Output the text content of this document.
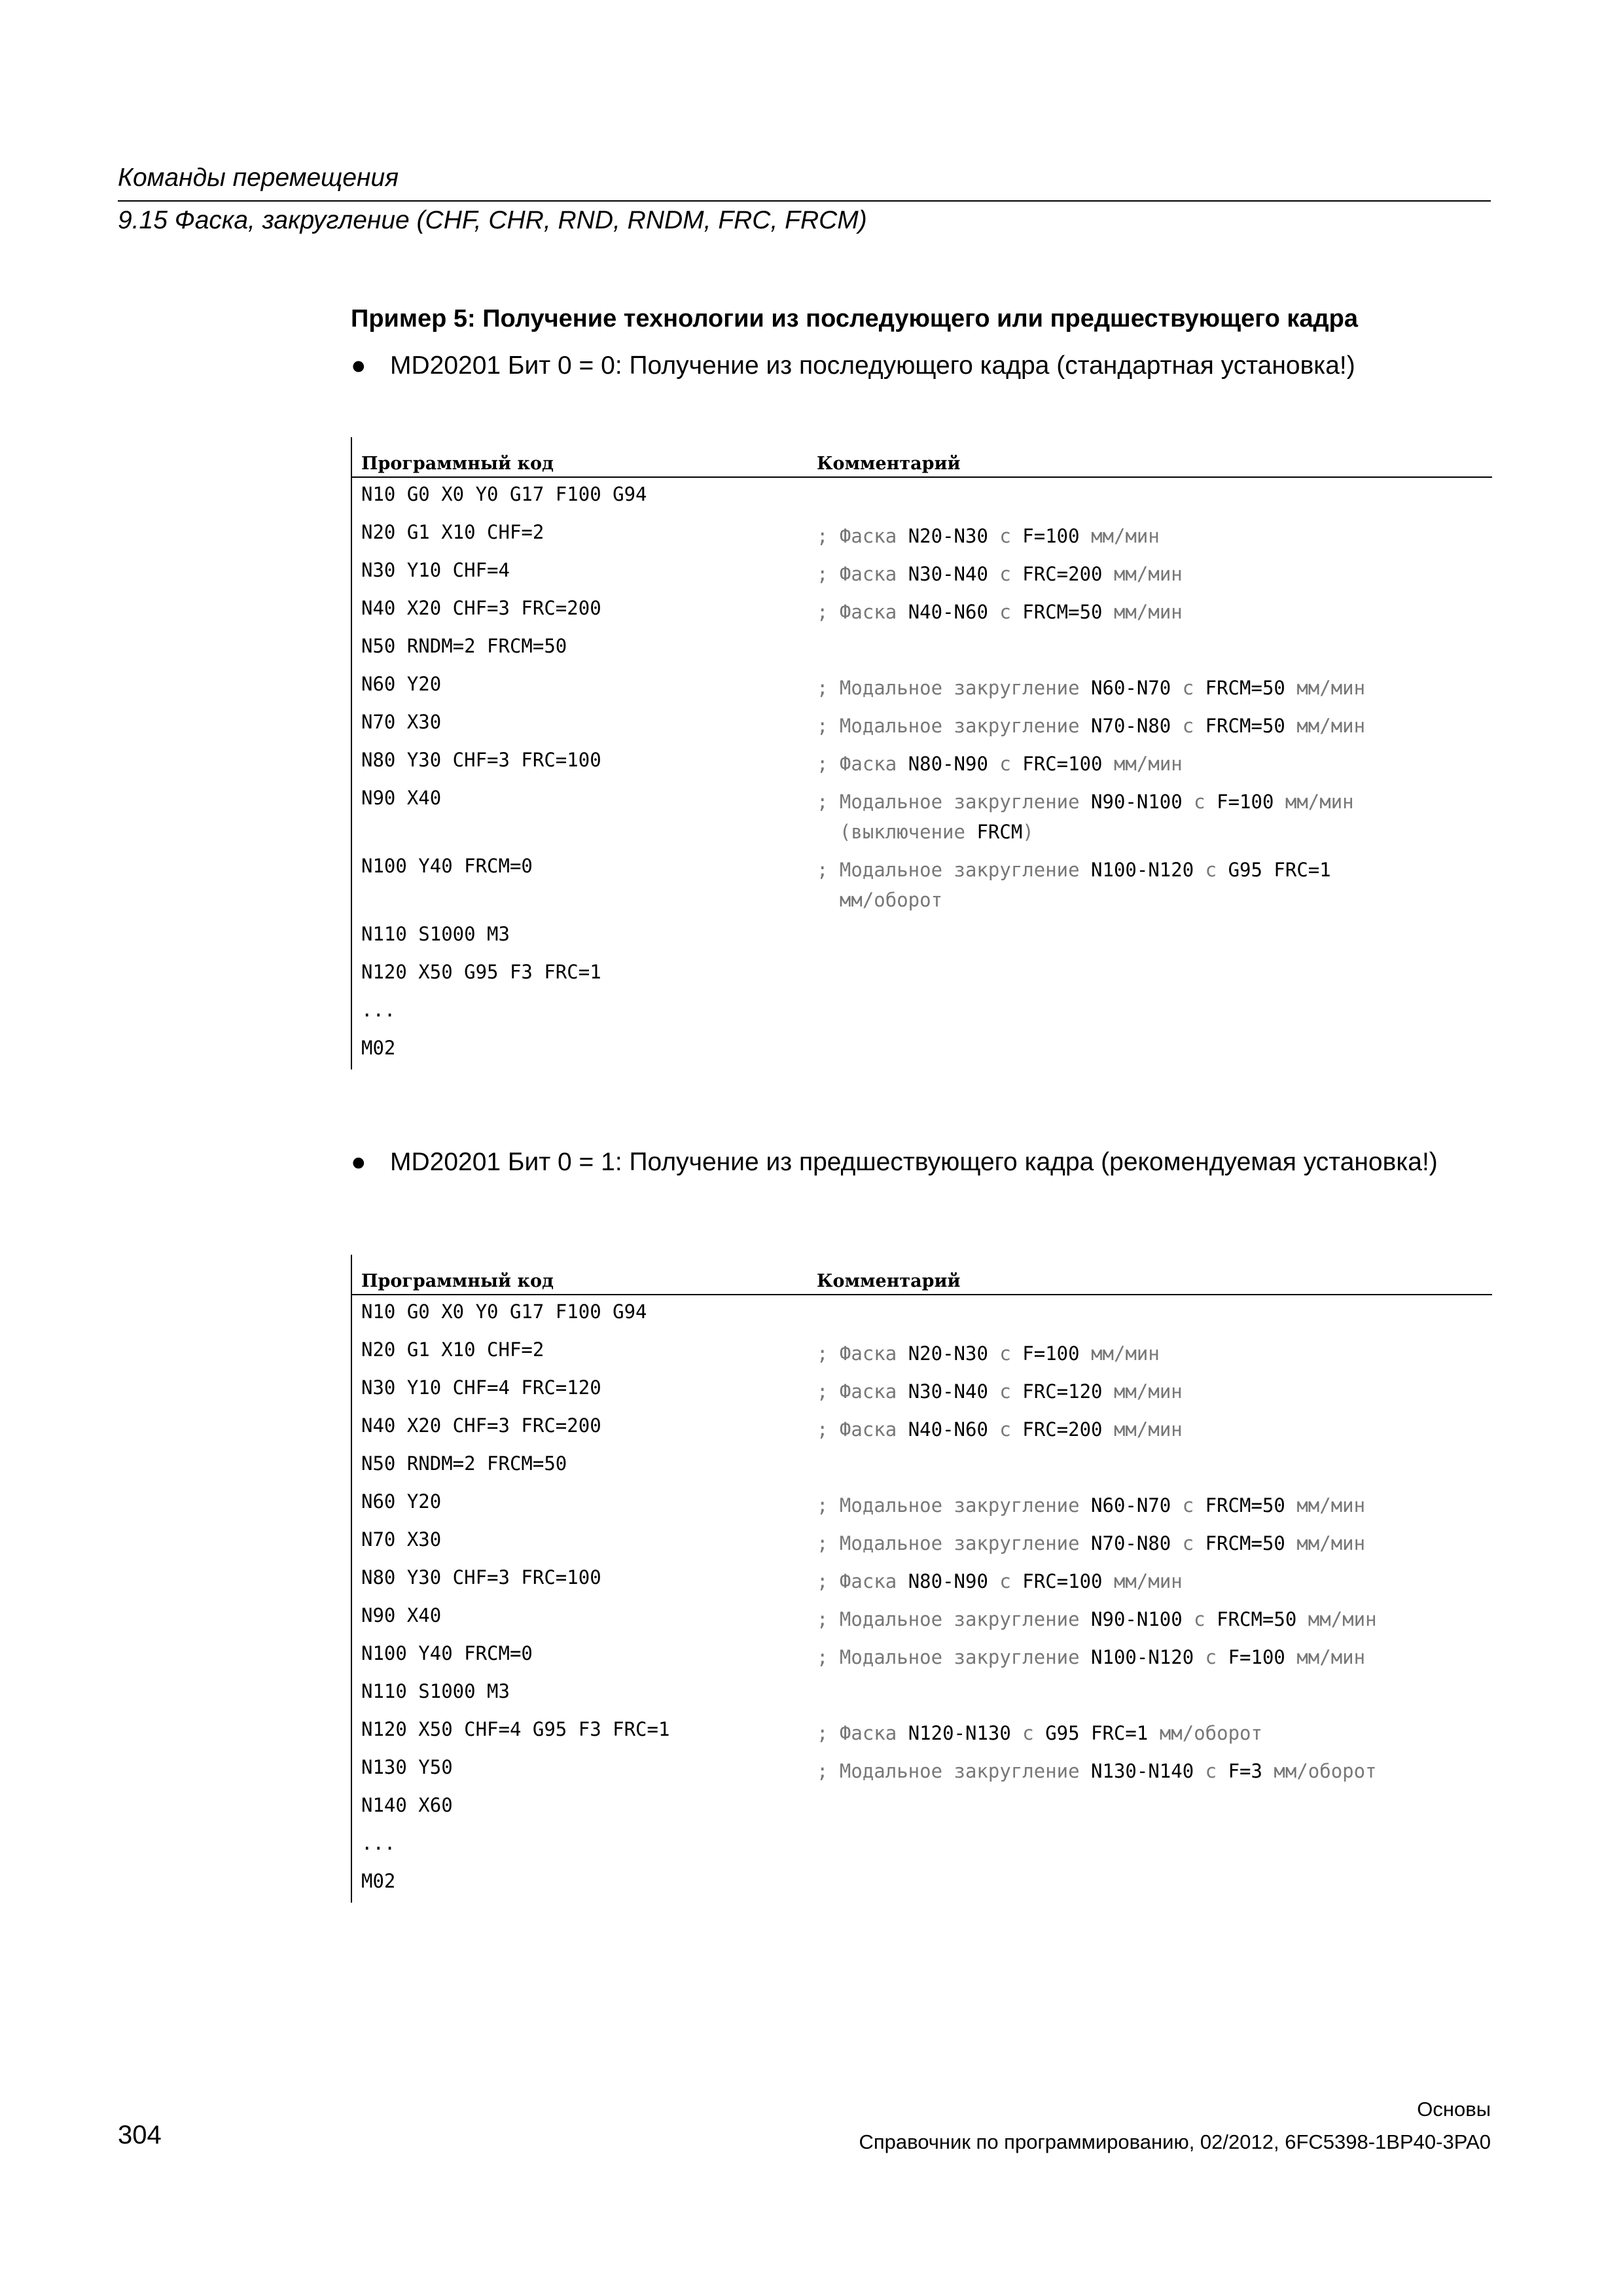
Команды перемещения
9.15 Фаска, закругление (CHF, CHR, RND, RNDM, FRC, FRCM)
Пример 5: Получение технологии из последующего или предшествующего кадра
● MD20201 Бит 0 = 0: Получение из последующего кадра (стандартная установка!)
Программный код	Комментарий
N10 G0 X0 Y0 G17 F100 G94
N20 G1 X10 CHF=2	; Фаска N20-N30 с F=100 мм/мин
N30 Y10 CHF=4	; Фаска N30-N40 с FRC=200 мм/мин
N40 X20 CHF=3 FRC=200	; Фаска N40-N60 с FRCM=50 мм/мин
N50 RNDM=2 FRCM=50
N60 Y20	; Модальное закругление N60-N70 с FRCM=50 мм/мин
N70 X30	; Модальное закругление N70-N80 с FRCM=50 мм/мин
N80 Y30 CHF=3 FRC=100	; Фаска N80-N90 с FRC=100 мм/мин
N90 X40	; Модальное закругление N90-N100 с F=100 мм/мин
(выключение FRCM)
N100 Y40 FRCM=0	; Модальное закругление N100-N120 с G95 FRC=1
мм/оборот
N110 S1000 M3
N120 X50 G95 F3 FRC=1
...
M02
● MD20201 Бит 0 = 1: Получение из предшествующего кадра (рекомендуемая установка!)
Программный код	Комментарий
N10 G0 X0 Y0 G17 F100 G94
N20 G1 X10 CHF=2	; Фаска N20-N30 с F=100 мм/мин
N30 Y10 CHF=4 FRC=120	; Фаска N30-N40 с FRC=120 мм/мин
N40 X20 CHF=3 FRC=200	; Фаска N40-N60 с FRC=200 мм/мин
N50 RNDM=2 FRCM=50
N60 Y20	; Модальное закругление N60-N70 с FRCM=50 мм/мин
N70 X30	; Модальное закругление N70-N80 с FRCM=50 мм/мин
N80 Y30 CHF=3 FRC=100	; Фаска N80-N90 с FRC=100 мм/мин
N90 X40	; Модальное закругление N90-N100 с FRCM=50 мм/мин
N100 Y40 FRCM=0	; Модальное закругление N100-N120 с F=100 мм/мин
N110 S1000 M3
N120 X50 CHF=4 G95 F3 FRC=1	; Фаска N120-N130 с G95 FRC=1 мм/оборот
N130 Y50	; Модальное закругление N130-N140 с F=3 мм/оборот
N140 X60
...
M02
Основы
304	Справочник по программированию, 02/2012, 6FC5398-1BP40-3PA0
